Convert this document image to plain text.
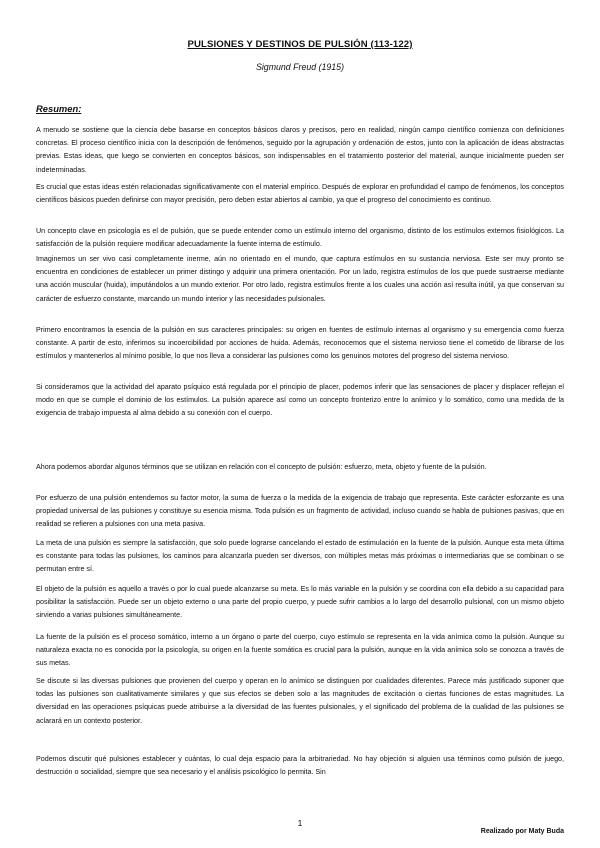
PULSIONES Y DESTINOS DE PULSIÓN (113-122)
Sigmund Freud (1915)
Resumen:

A menudo se sostiene que la ciencia debe basarse en conceptos básicos claros y precisos, pero en realidad, ningún campo científico comienza con definiciones concretas. El proceso científico inicia con la descripción de fenómenos, seguido por la agrupación y ordenación de estos, junto con la aplicación de ideas abstractas previas. Estas ideas, que luego se convierten en conceptos básicos, son indispensables en el tratamiento posterior del material, aunque inicialmente pueden ser indeterminadas.

Es crucial que estas ideas estén relacionadas significativamente con el material empírico. Después de explorar en profundidad el campo de fenómenos, los conceptos científicos básicos pueden definirse con mayor precisión, pero deben estar abiertos al cambio, ya que el progreso del conocimiento es continuo.

Un concepto clave en psicología es el de pulsión, que se puede entender como un estímulo interno del organismo, distinto de los estímulos externos fisiológicos. La satisfacción de la pulsión requiere modificar adecuadamente la fuente interna de estímulo.

Imaginemos un ser vivo casi completamente inerme, aún no orientado en el mundo, que captura estímulos en su sustancia nerviosa. Este ser muy pronto se encuentra en condiciones de establecer un primer distingo y adquirir una primera orientación. Por un lado, registra estímulos de los que puede sustraerse mediante una acción muscular (huida), imputándolos a un mundo exterior. Por otro lado, registra estímulos frente a los cuales una acción así resulta inútil, ya que conservan su carácter de esfuerzo constante, marcando un mundo interior y las necesidades pulsionales.

Primero encontramos la esencia de la pulsión en sus caracteres principales: su origen en fuentes de estímulo internas al organismo y su emergencia como fuerza constante. A partir de esto, inferimos su incoercibilidad por acciones de huida. Además, reconocemos que el sistema nervioso tiene el cometido de librarse de los estímulos y mantenerlos al mínimo posible, lo que nos lleva a considerar las pulsiones como los genuinos motores del progreso del sistema nervioso.

Si consideramos que la actividad del aparato psíquico está regulada por el principio de placer, podemos inferir que las sensaciones de placer y displacer reflejan el modo en que se cumple el dominio de los estímulos. La pulsión aparece así como un concepto fronterizo entre lo anímico y lo somático, como una medida de la exigencia de trabajo impuesta al alma debido a su conexión con el cuerpo.

Ahora podemos abordar algunos términos que se utilizan en relación con el concepto de pulsión: esfuerzo, meta, objeto y fuente de la pulsión.

Por esfuerzo de una pulsión entendemos su factor motor, la suma de fuerza o la medida de la exigencia de trabajo que representa. Este carácter esforzante es una propiedad universal de las pulsiones y constituye su esencia misma. Toda pulsión es un fragmento de actividad, incluso cuando se habla de pulsiones pasivas, que en realidad se refieren a pulsiones con una meta pasiva.

La meta de una pulsión es siempre la satisfacción, que solo puede lograrse cancelando el estado de estimulación en la fuente de la pulsión. Aunque esta meta última es constante para todas las pulsiones, los caminos para alcanzarla pueden ser diversos, con múltiples metas más próximas o intermediarias que se combinan o se permutan entre sí.

El objeto de la pulsión es aquello a través o por lo cual puede alcanzarse su meta. Es lo más variable en la pulsión y se coordina con ella debido a su capacidad para posibilitar la satisfacción. Puede ser un objeto externo o una parte del propio cuerpo, y puede sufrir cambios a lo largo del desarrollo pulsional, con un mismo objeto sirviendo a varias pulsiones simultáneamente.

La fuente de la pulsión es el proceso somático, interno a un órgano o parte del cuerpo, cuyo estímulo se representa en la vida anímica como la pulsión. Aunque su naturaleza exacta no es conocida por la psicología, su origen en la fuente somática es crucial para la pulsión, aunque en la vida anímica solo se conozca a través de sus metas.

Se discute si las diversas pulsiones que provienen del cuerpo y operan en lo anímico se distinguen por cualidades diferentes. Parece más justificado suponer que todas las pulsiones son cualitativamente similares y que sus efectos se deben solo a las magnitudes de excitación o ciertas funciones de estas magnitudes. La diversidad en las operaciones psíquicas puede atribuirse a la diversidad de las fuentes pulsionales, y el significado del problema de la cualidad de las pulsiones se aclarará en un contexto posterior.

Podemos discutir qué pulsiones establecer y cuántas, lo cual deja espacio para la arbitrariedad. No hay objeción si alguien usa términos como pulsión de juego, destrucción o socialidad, siempre que sea necesario y el análisis psicológico lo permita. Sin

1
Realizado por Maty Buda
